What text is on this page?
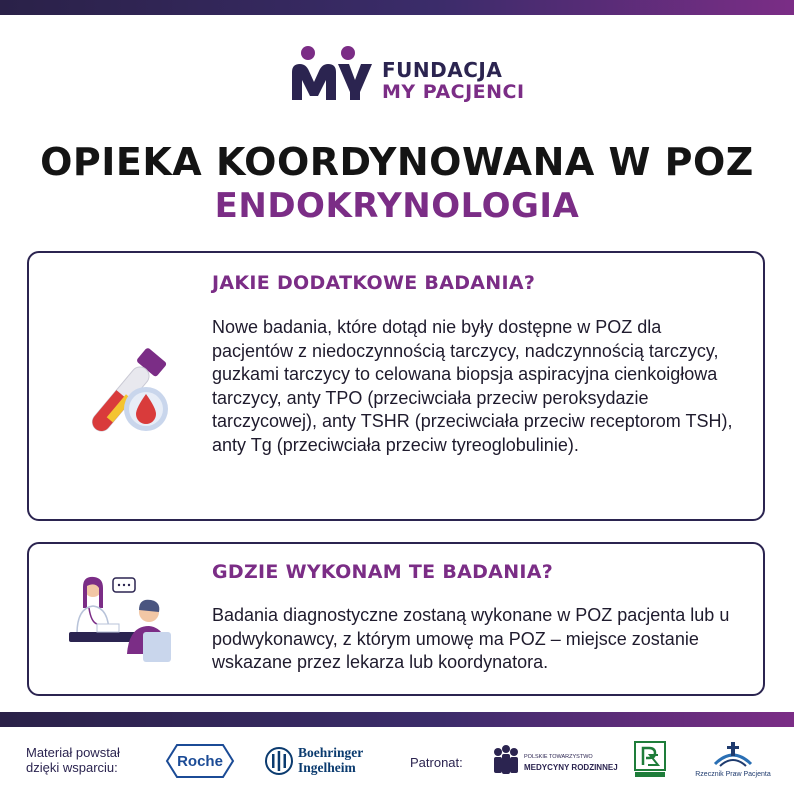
FUNDACJA
MY PACJENCI
OPIEKA KOORDYNOWANA W POZ
ENDOKRYNOLOGIA
JAKIE DODATKOWE BADANIA?
Nowe badania, które dotąd nie były dostępne w POZ dla pacjentów z niedoczynnością tarczycy, nadczynnością tarczycy, guzkami tarczycy to celowana biopsja aspiracyjna cienkoigłowa tarczycy, anty TPO (przeciwciała przeciw peroksydazie tarczycowej), anty TSHR (przeciwciała przeciw receptorom TSH), anty Tg (przeciwciała przeciw tyreoglobulinie).
GDZIE WYKONAM TE BADANIA?
Badania diagnostyczne zostaną wykonane w POZ pacjenta lub u podwykonawcy, z którym umowę ma POZ – miejsce zostanie wskazane przez lekarza lub koordynatora.
Materiał powstał dzięki wsparciu:	Roche	Boehringer
Ingelheim	Patronat:	POLSKIE TOWARZYSTWO
MEDYCYNY RODZINNEJ
Rzecznik Praw Pacjenta
